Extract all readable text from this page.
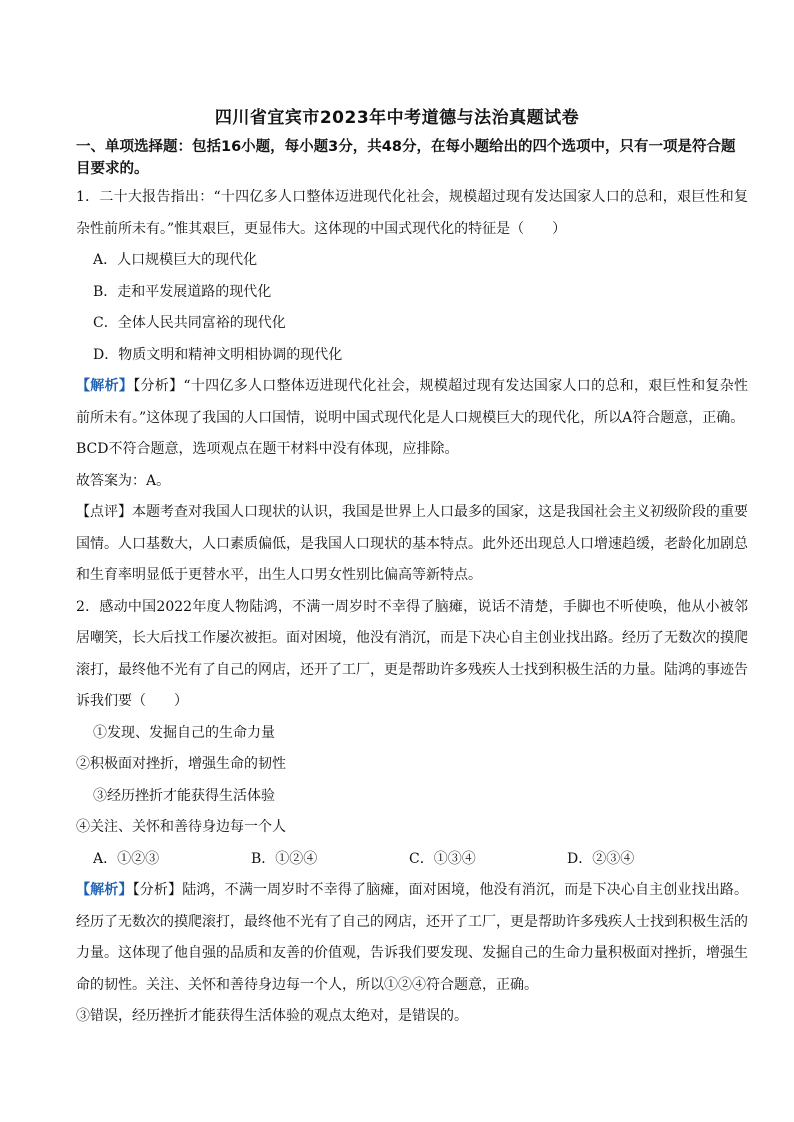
四川省宜宾市2023年中考道德与法治真题试卷
一、单项选择题：包括16小题，每小题3分，共48分，在每小题给出的四个选项中，只有一项是符合题目要求的。

1．二十大报告指出：“十四亿多人口整体迈进现代化社会，规模超过现有发达国家人口的总和，艰巨性和复杂性前所未有。”惟其艰巨，更显伟大。这体现的中国式现代化的特征是（　　）

A．人口规模巨大的现代化

B．走和平发展道路的现代化

C．全体人民共同富裕的现代化

D．物质文明和精神文明相协调的现代化

【解析】【分析】“十四亿多人口整体迈进现代化社会，规模超过现有发达国家人口的总和，艰巨性和复杂性前所未有。”这体现了我国的人口国情，说明中国式现代化是人口规模巨大的现代化，所以A符合题意，正确。

BCD不符合题意，选项观点在题干材料中没有体现，应排除。

故答案为：A。

【点评】本题考查对我国人口现状的认识，我国是世界上人口最多的国家，这是我国社会主义初级阶段的重要国情。人口基数大，人口素质偏低，是我国人口现状的基本特点。此外还出现总人口增速趋缓，老龄化加剧总和生育率明显低于更替水平，出生人口男女性别比偏高等新特点。

2．感动中国2022年度人物陆鸿，不满一周岁时不幸得了脑瘫，说话不清楚，手脚也不听使唤，他从小被邻居嘲笑，长大后找工作屡次被拒。面对困境，他没有消沉，而是下决心自主创业找出路。经历了无数次的摸爬滚打，最终他不光有了自己的网店，还开了工厂，更是帮助许多残疾人士找到积极生活的力量。陆鸿的事迹告诉我们要（　　）

①发现、发掘自己的生命力量

②积极面对挫折，增强生命的韧性

③经历挫折才能获得生活体验

④关注、关怀和善待身边每一个人

A．①②③	B．①②④	C．①③④	D．②③④

【解析】【分析】陆鸿，不满一周岁时不幸得了脑瘫，面对困境，他没有消沉，而是下决心自主创业找出路。经历了无数次的摸爬滚打，最终他不光有了自己的网店，还开了工厂，更是帮助许多残疾人士找到积极生活的力量。这体现了他自强的品质和友善的价值观，告诉我们要发现、发掘自己的生命力量积极面对挫折，增强生命的韧性。关注、关怀和善待身边每一个人，所以①②④符合题意，正确。

③错误，经历挫折才能获得生活体验的观点太绝对，是错误的。
